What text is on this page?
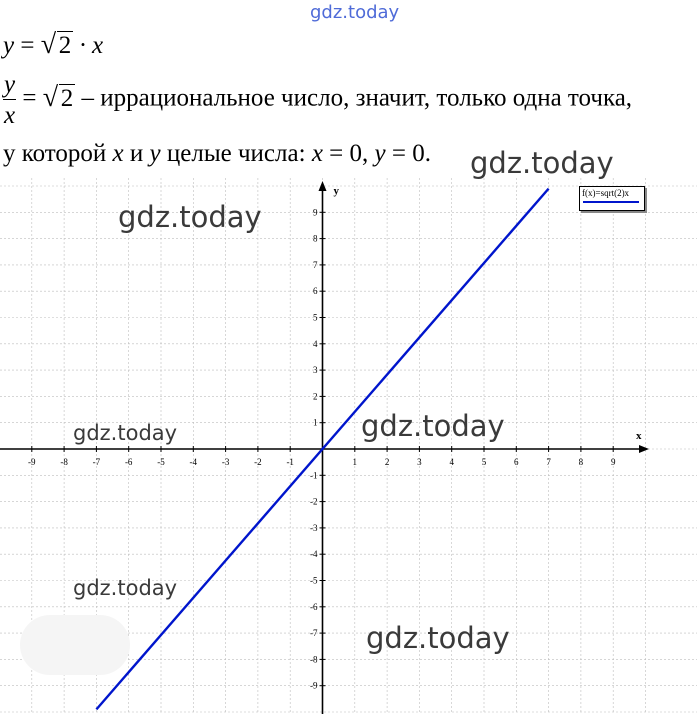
gdz.today
y = √ 2 · x
$\frac{y}{x}$ = √ 2 – иррациональное число, значит, только одна точка,
у которой x и y целые числа: x = 0, y = 0.
x
y
-9	-8	-7	-6	-5	-4	-3	-2	-1	1	2	3	4	5	6	7	8	9
-9
-8
-7
-6
-5
-4
-3
-2
-1
1
2
3
4
5
6
7
8
9
f(x)=sqrt(2)x
gdz.today
gdz.today
gdz.today	gdz.today
gdz.today
gdz.today
